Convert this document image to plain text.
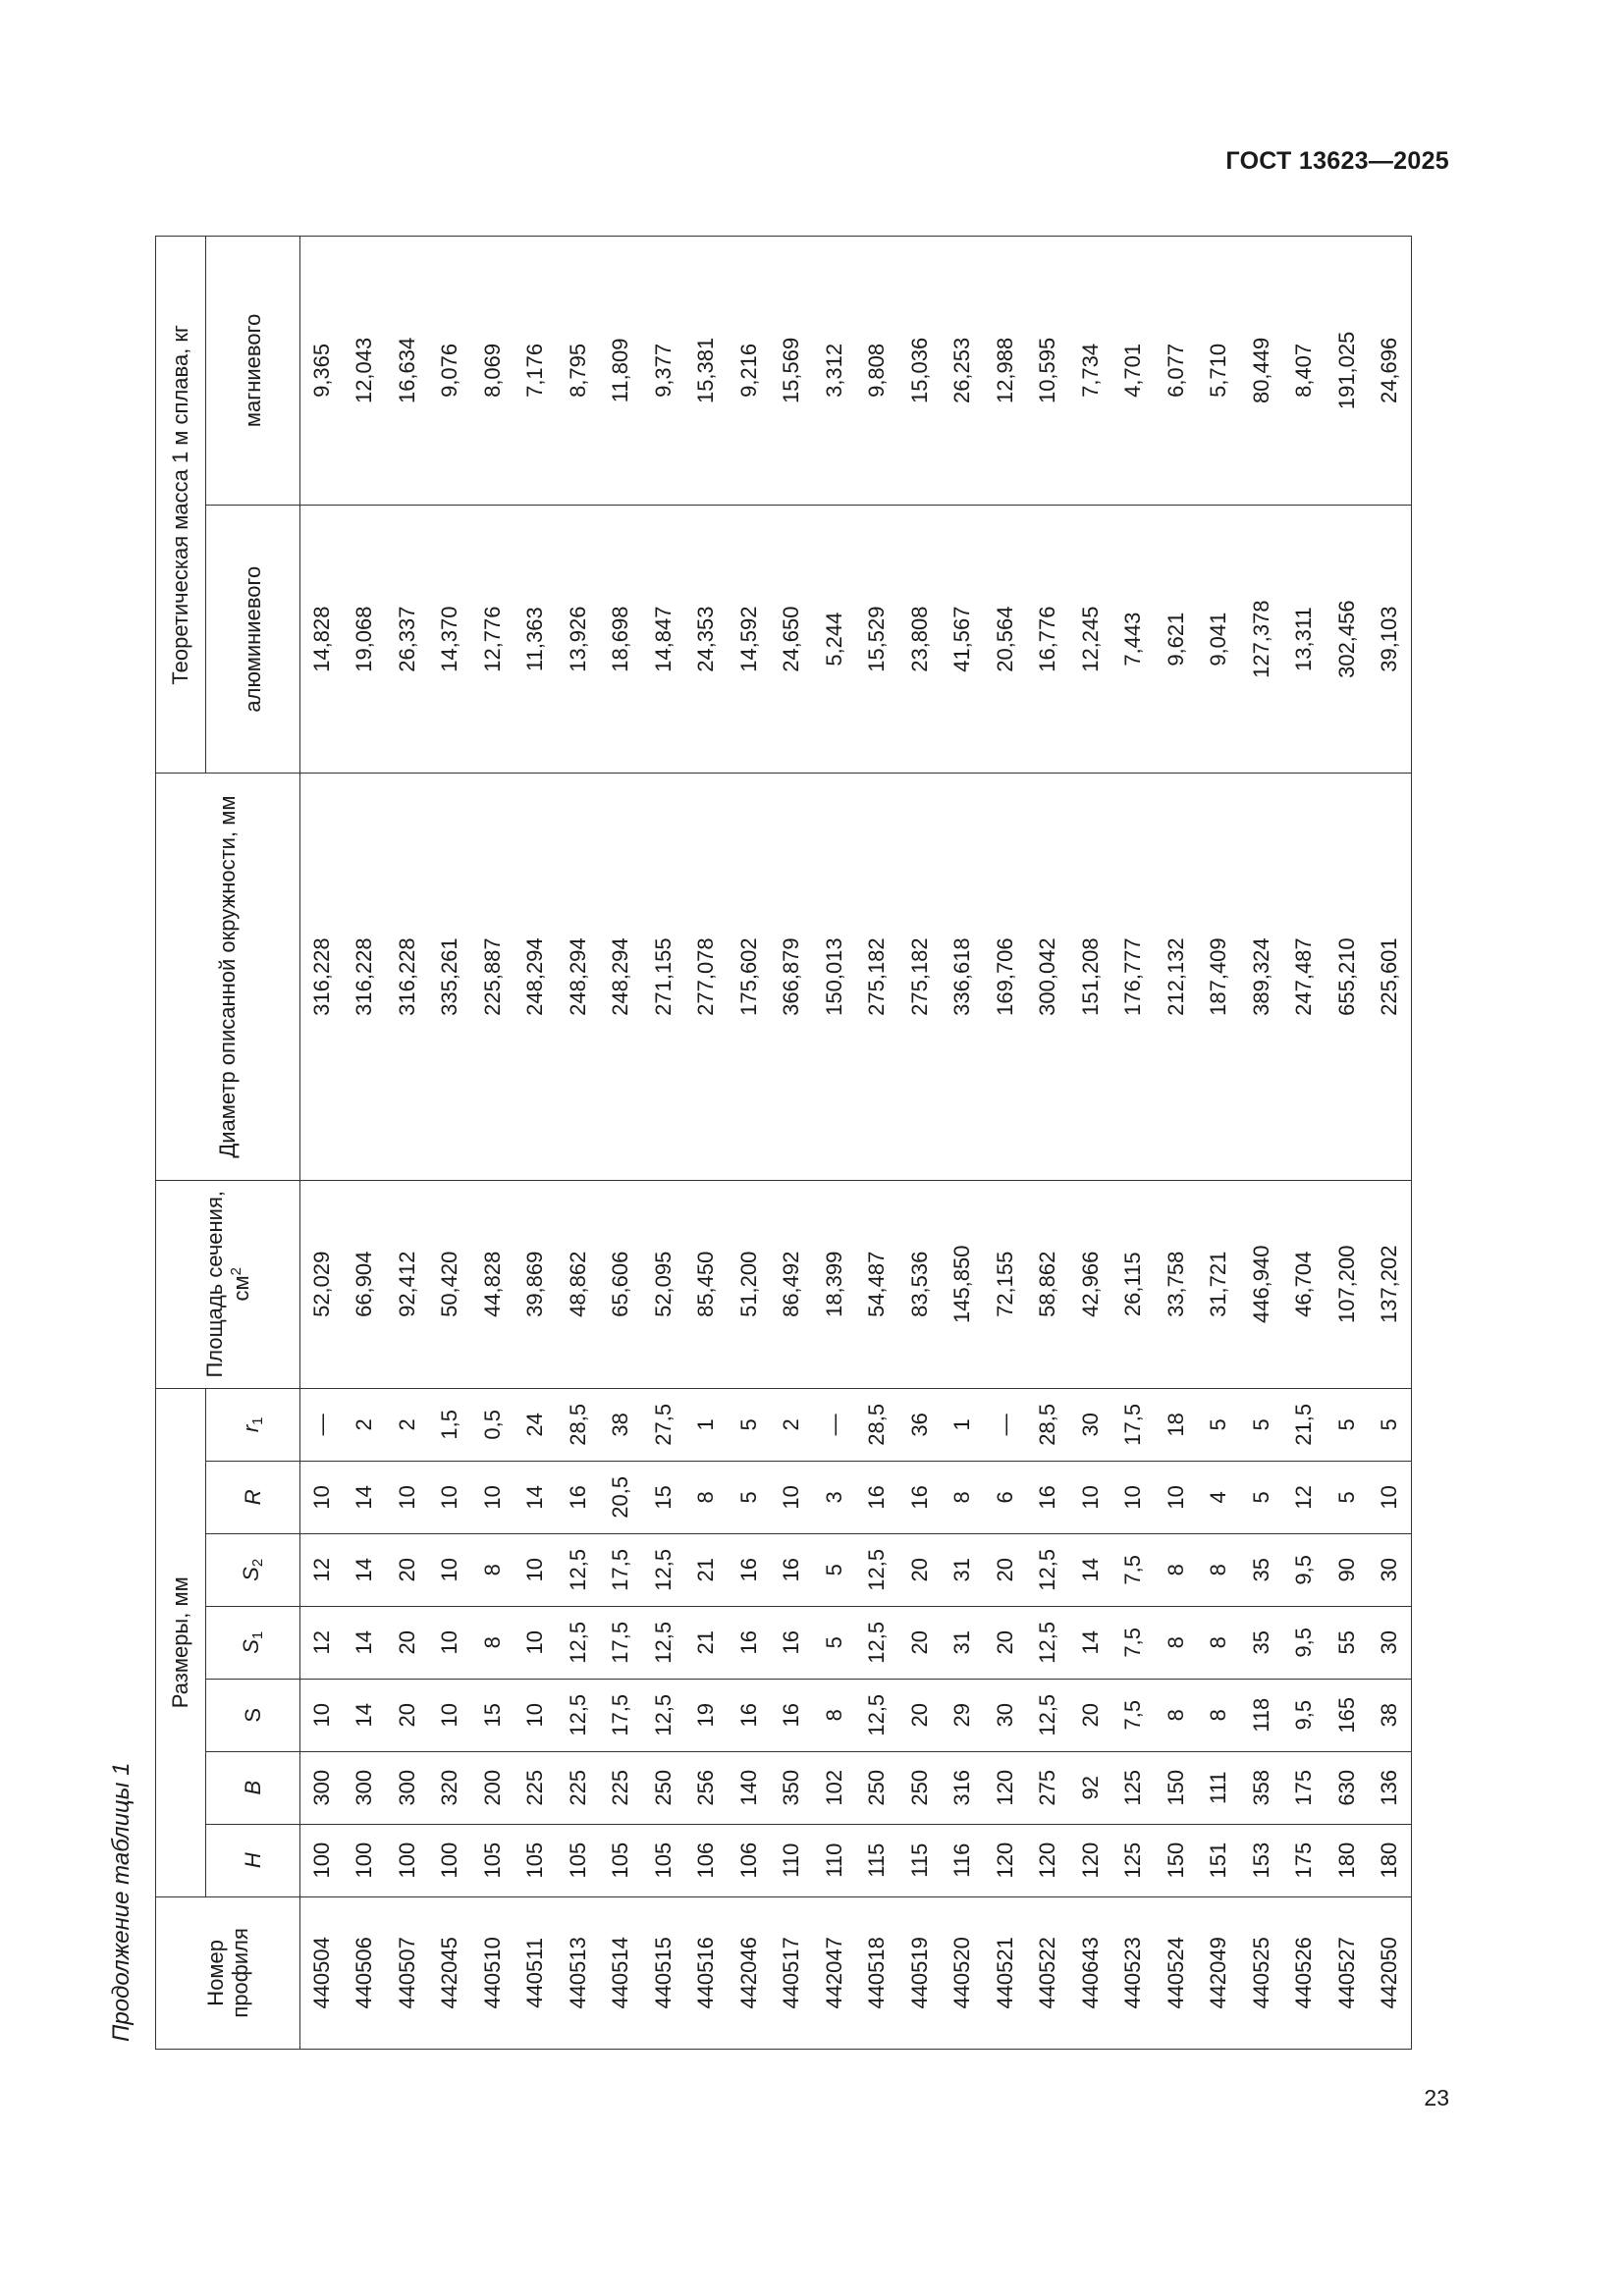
ГОСТ 13623—2025
Продолжение таблицы 1	Номер профиля	Размеры, мм							Площадь сечения, $см^2$	Диаметр описанной окружности, мм	Теоретическая масса 1 м сплава, кг	
	H	B	S	$S_1$	$S_2$	R	$r_1$			алюминиевого	магниевого
440504	100	300	10	12	12	10	—	52,029	316,228	14,828	9,365
440506	100	300	14	14	14	14	2	66,904	316,228	19,068	12,043
440507	100	300	20	20	20	10	2	92,412	316,228	26,337	16,634
442045	100	320	10	10	10	10	1,5	50,420	335,261	14,370	9,076
440510	105	200	15	8	8	10	0,5	44,828	225,887	12,776	8,069
440511	105	225	10	10	10	14	24	39,869	248,294	11,363	7,176
440513	105	225	12,5	12,5	12,5	16	28,5	48,862	248,294	13,926	8,795
440514	105	225	17,5	17,5	17,5	20,5	38	65,606	248,294	18,698	11,809
440515	105	250	12,5	12,5	12,5	15	27,5	52,095	271,155	14,847	9,377
440516	106	256	19	21	21	8	1	85,450	277,078	24,353	15,381
442046	106	140	16	16	16	5	5	51,200	175,602	14,592	9,216
440517	110	350	16	16	16	10	2	86,492	366,879	24,650	15,569
442047	110	102	8	5	5	3	—	18,399	150,013	5,244	3,312
440518	115	250	12,5	12,5	12,5	16	28,5	54,487	275,182	15,529	9,808
440519	115	250	20	20	20	16	36	83,536	275,182	23,808	15,036
440520	116	316	29	31	31	8	1	145,850	336,618	41,567	26,253
440521	120	120	30	20	20	6	—	72,155	169,706	20,564	12,988
440522	120	275	12,5	12,5	12,5	16	28,5	58,862	300,042	16,776	10,595
440643	120	92	20	14	14	10	30	42,966	151,208	12,245	7,734
440523	125	125	7,5	7,5	7,5	10	17,5	26,115	176,777	7,443	4,701
440524	150	150	8	8	8	10	18	33,758	212,132	9,621	6,077
442049	151	111	8	8	8	4	5	31,721	187,409	9,041	5,710
440525	153	358	118	35	35	5	5	446,940	389,324	127,378	80,449
440526	175	175	9,5	9,5	9,5	12	21,5	46,704	247,487	13,311	8,407
440527	180	630	165	55	90	5	5	107,200	655,210	302,456	191,025
442050	180	136	38	30	30	10	5	137,202	225,601	39,103	24,696
23
